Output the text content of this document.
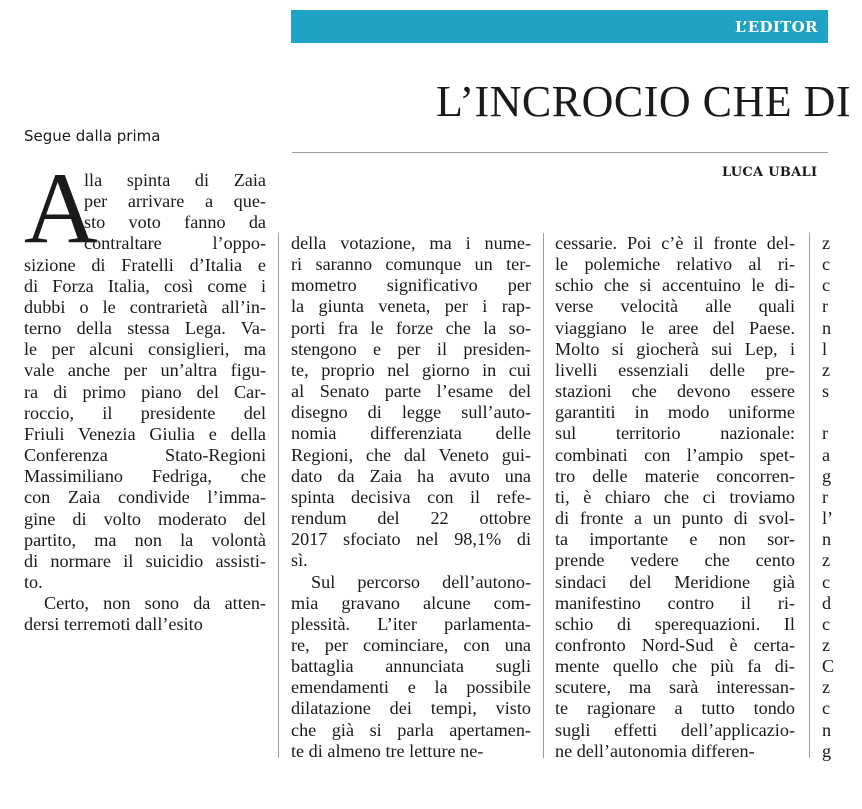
L’EDITOR
L’INCROCIO CHE DI
Segue dalla prima
LUCA UBALI
A
lla spinta di Zaia
per arrivare a que-
sto voto fanno da
contraltare l’oppo-
sizione di Fratelli d’Italia e
di Forza Italia, così come i
dubbi o le contrarietà all’in-
terno della stessa Lega. Va-
le per alcuni consiglieri, ma
vale anche per un’altra figu-
ra di primo piano del Car-
roccio, il presidente del
Friuli Venezia Giulia e della
Conferenza Stato-Regioni
Massimiliano Fedriga, che
con Zaia condivide l’imma-
gine di volto moderato del
partito, ma non la volontà
di normare il suicidio assisti-
to.
Certo, non sono da atten-
dersi terremoti dall’esito
della votazione, ma i nume-
ri saranno comunque un ter-
mometro significativo per
la giunta veneta, per i rap-
porti fra le forze che la so-
stengono e per il presiden-
te, proprio nel giorno in cui
al Senato parte l’esame del
disegno di legge sull’auto-
nomia differenziata delle
Regioni, che dal Veneto gui-
dato da Zaia ha avuto una
spinta decisiva con il refe-
rendum del 22 ottobre
2017 sfociato nel 98,1% di
sì.
Sul percorso dell’autono-
mia gravano alcune com-
plessità. L’iter parlamenta-
re, per cominciare, con una
battaglia annunciata sugli
emendamenti e la possibile
dilatazione dei tempi, visto
che già si parla apertamen-
te di almeno tre letture ne-
cessarie. Poi c’è il fronte del-
le polemiche relativo al ri-
schio che si accentuino le di-
verse velocità alle quali
viaggiano le aree del Paese.
Molto si giocherà sui Lep, i
livelli essenziali delle pre-
stazioni che devono essere
garantiti in modo uniforme
sul territorio nazionale:
combinati con l’ampio spet-
tro delle materie concorren-
ti, è chiaro che ci troviamo
di fronte a un punto di svol-
ta importante e non sor-
prende vedere che cento
sindaci del Meridione già
manifestino contro il ri-
schio di sperequazioni. Il
confronto Nord-Sud è certa-
mente quello che più fa di-
scutere, ma sarà interessan-
te ragionare a tutto tondo
sugli effetti dell’applicazio-
ne dell’autonomia differen-
z
c
c
r
n
l
z
s

r
a
g
r
l’
n
z
c
d
c
z
C
z
c
n
g
